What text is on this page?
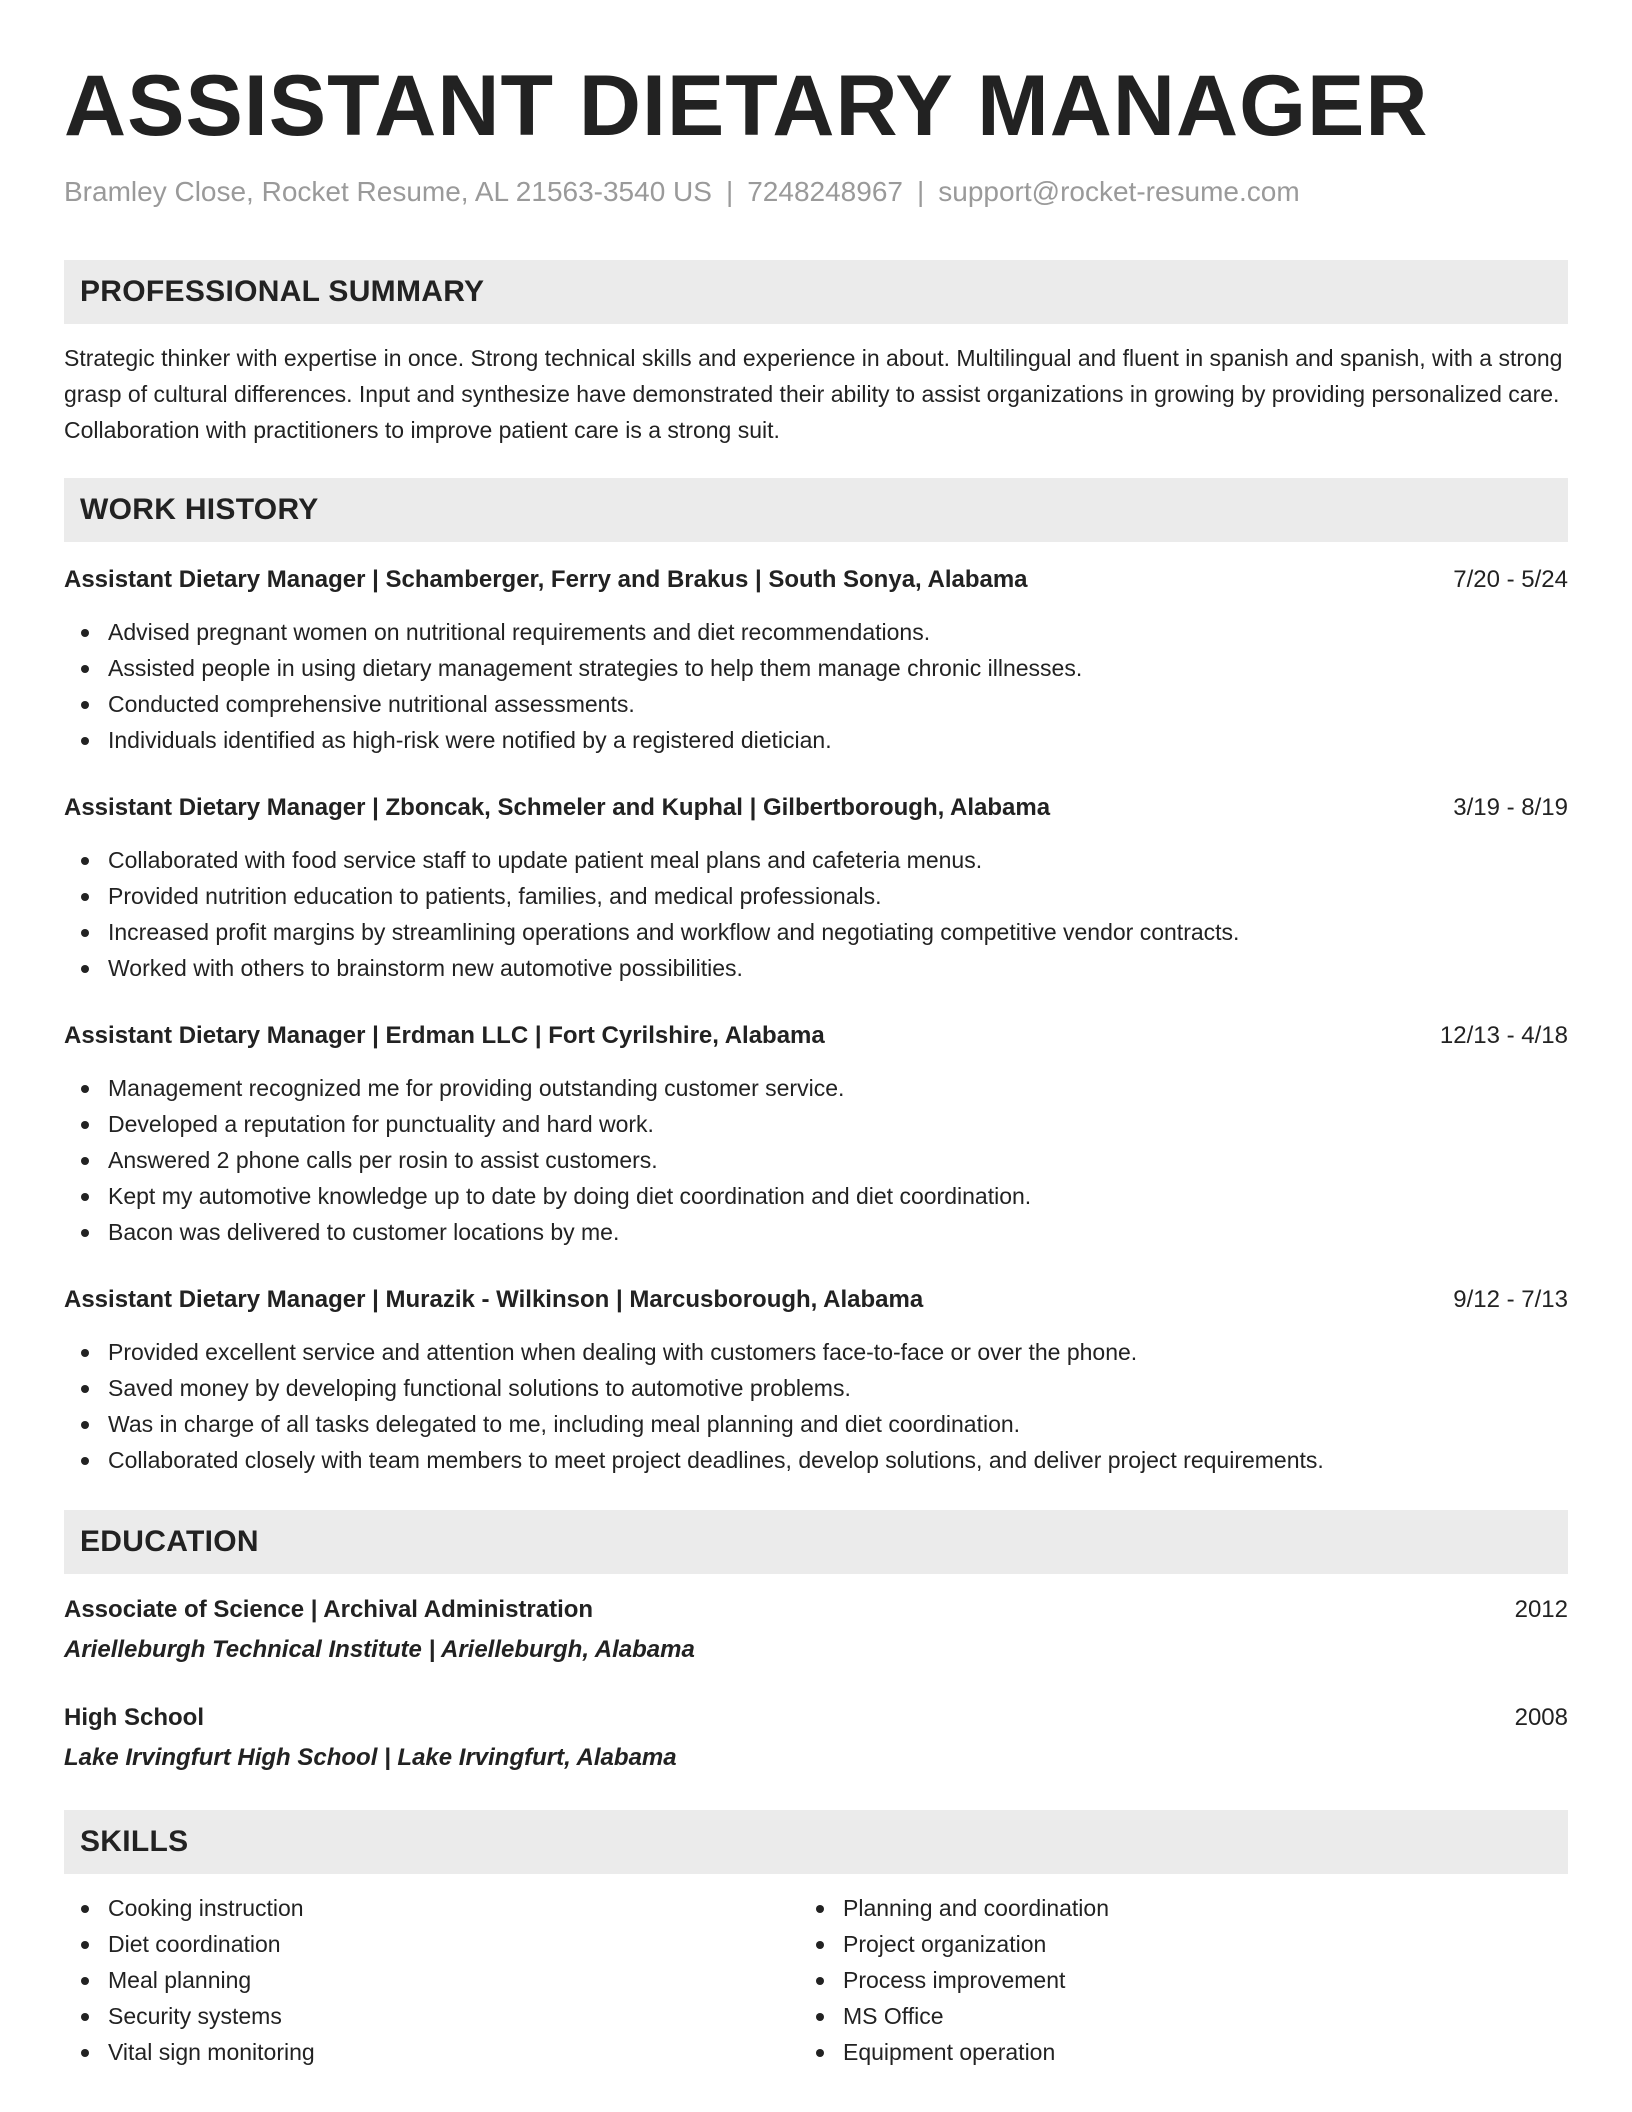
ASSISTANT DIETARY MANAGER
Bramley Close, Rocket Resume, AL 21563-3540 US | 7248248967 | support@rocket-resume.com
PROFESSIONAL SUMMARY
Strategic thinker with expertise in once. Strong technical skills and experience in about. Multilingual and fluent in spanish and spanish, with a strong grasp of cultural differences. Input and synthesize have demonstrated their ability to assist organizations in growing by providing personalized care. Collaboration with practitioners to improve patient care is a strong suit.
WORK HISTORY
Assistant Dietary Manager | Schamberger, Ferry and Brakus | South Sonya, Alabama	7/20 - 5/24
Advised pregnant women on nutritional requirements and diet recommendations.
Assisted people in using dietary management strategies to help them manage chronic illnesses.
Conducted comprehensive nutritional assessments.
Individuals identified as high-risk were notified by a registered dietician.
Assistant Dietary Manager | Zboncak, Schmeler and Kuphal | Gilbertborough, Alabama	3/19 - 8/19
Collaborated with food service staff to update patient meal plans and cafeteria menus.
Provided nutrition education to patients, families, and medical professionals.
Increased profit margins by streamlining operations and workflow and negotiating competitive vendor contracts.
Worked with others to brainstorm new automotive possibilities.
Assistant Dietary Manager | Erdman LLC | Fort Cyrilshire, Alabama	12/13 - 4/18
Management recognized me for providing outstanding customer service.
Developed a reputation for punctuality and hard work.
Answered 2 phone calls per rosin to assist customers.
Kept my automotive knowledge up to date by doing diet coordination and diet coordination.
Bacon was delivered to customer locations by me.
Assistant Dietary Manager | Murazik - Wilkinson | Marcusborough, Alabama	9/12 - 7/13
Provided excellent service and attention when dealing with customers face-to-face or over the phone.
Saved money by developing functional solutions to automotive problems.
Was in charge of all tasks delegated to me, including meal planning and diet coordination.
Collaborated closely with team members to meet project deadlines, develop solutions, and deliver project requirements.
EDUCATION
Associate of Science | Archival Administration	2012
Arielleburgh Technical Institute | Arielleburgh, Alabama
High School	2008
Lake Irvingfurt High School | Lake Irvingfurt, Alabama
SKILLS
Cooking instruction
Diet coordination
Meal planning
Security systems
Vital sign monitoring
Planning and coordination
Project organization
Process improvement
MS Office
Equipment operation
